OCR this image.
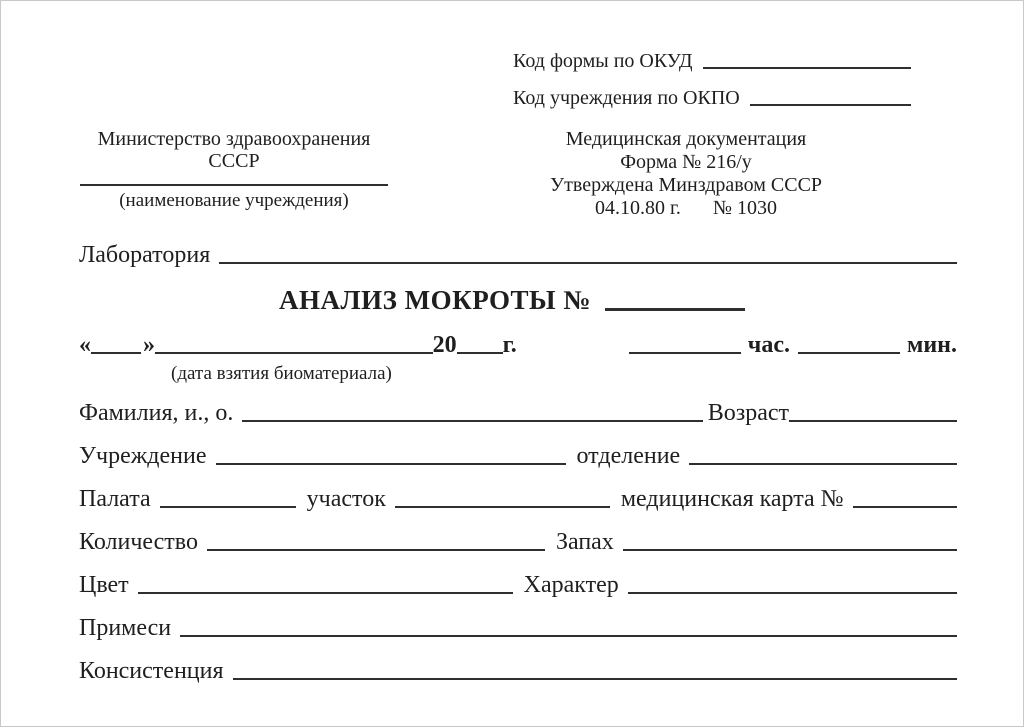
Код формы по ОКУД
Код учреждения по ОКПО
Министерство здравоохранения
СССР
(наименование учреждения)
Медицинская документация
Форма № 216/у
Утверждена Минздравом СССР
04.10.80 г. № 1030
Лаборатория
АНАЛИЗ МОКРОТЫ №
« »	20 г.	час.	мин.
(дата взятия биоматериала)
Фамилия, и., о.	Возраст
Учреждение	отделение
Палата	участок	медицинская карта №
Количество	Запах
Цвет	Характер
Примеси
Консистенция
